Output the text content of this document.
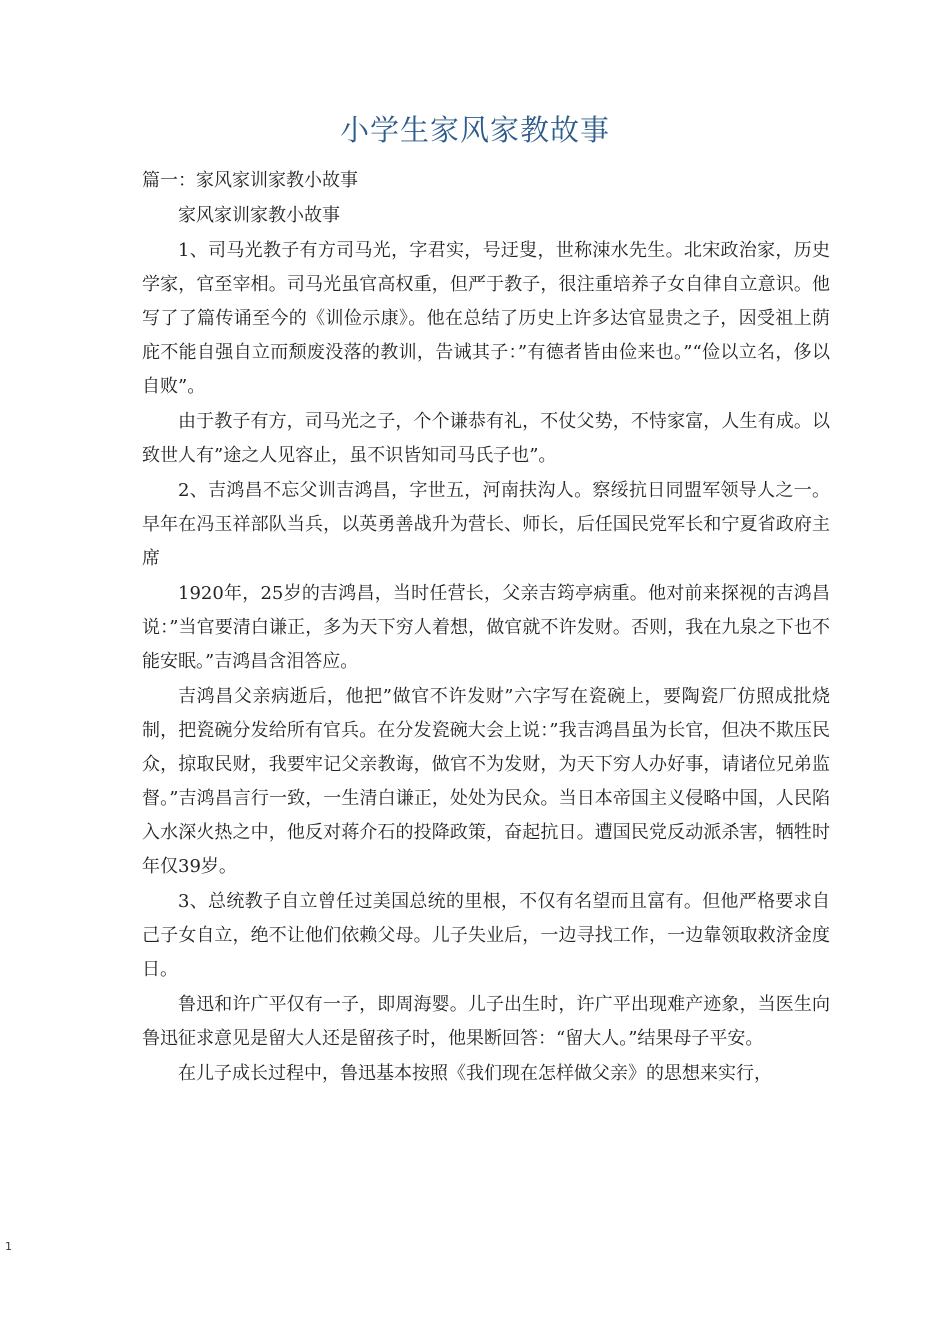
小学生家风家教故事
篇一：家风家训家教小故事

家风家训家教小故事

1、司马光教子有方司马光，字君实，号迂叟，世称涑水先生。北宋政治家，历史学家，官至宰相。司马光虽官高权重，但严于教子，很注重培养子女自律自立意识。他写了了篇传诵至今的《训俭示康》。他在总结了历史上许多达官显贵之子，因受祖上荫庇不能自强自立而颓废没落的教训，告诫其子：”有德者皆由俭来也。”“俭以立名，侈以自败”。

由于教子有方，司马光之子，个个谦恭有礼，不仗父势，不恃家富，人生有成。以致世人有”途之人见容止，虽不识皆知司马氏子也”。

2、吉鸿昌不忘父训吉鸿昌，字世五，河南扶沟人。察绥抗日同盟军领导人之一。早年在冯玉祥部队当兵，以英勇善战升为营长、师长，后任国民党军长和宁夏省政府主席

1920年，25岁的吉鸿昌，当时任营长，父亲吉筠亭病重。他对前来探视的吉鸿昌说：”当官要清白谦正，多为天下穷人着想，做官就不许发财。否则，我在九泉之下也不能安眠。”吉鸿昌含泪答应。

吉鸿昌父亲病逝后，他把”做官不许发财”六字写在瓷碗上，要陶瓷厂仿照成批烧制，把瓷碗分发给所有官兵。在分发瓷碗大会上说：”我吉鸿昌虽为长官，但决不欺压民众，掠取民财，我要牢记父亲教诲，做官不为发财，为天下穷人办好事，请诸位兄弟监督。”吉鸿昌言行一致，一生清白谦正，处处为民众。当日本帝国主义侵略中国，人民陷入水深火热之中，他反对蒋介石的投降政策，奋起抗日。遭国民党反动派杀害，牺牲时年仅39岁。

3、总统教子自立曾任过美国总统的里根，不仅有名望而且富有。但他严格要求自己子女自立，绝不让他们依赖父母。儿子失业后，一边寻找工作，一边靠领取救济金度日。

鲁迅和许广平仅有一子，即周海婴。儿子出生时，许广平出现难产迹象，当医生向鲁迅征求意见是留大人还是留孩子时，他果断回答：“留大人。”结果母子平安。

在儿子成长过程中，鲁迅基本按照《我们现在怎样做父亲》的思想来实行，

1
